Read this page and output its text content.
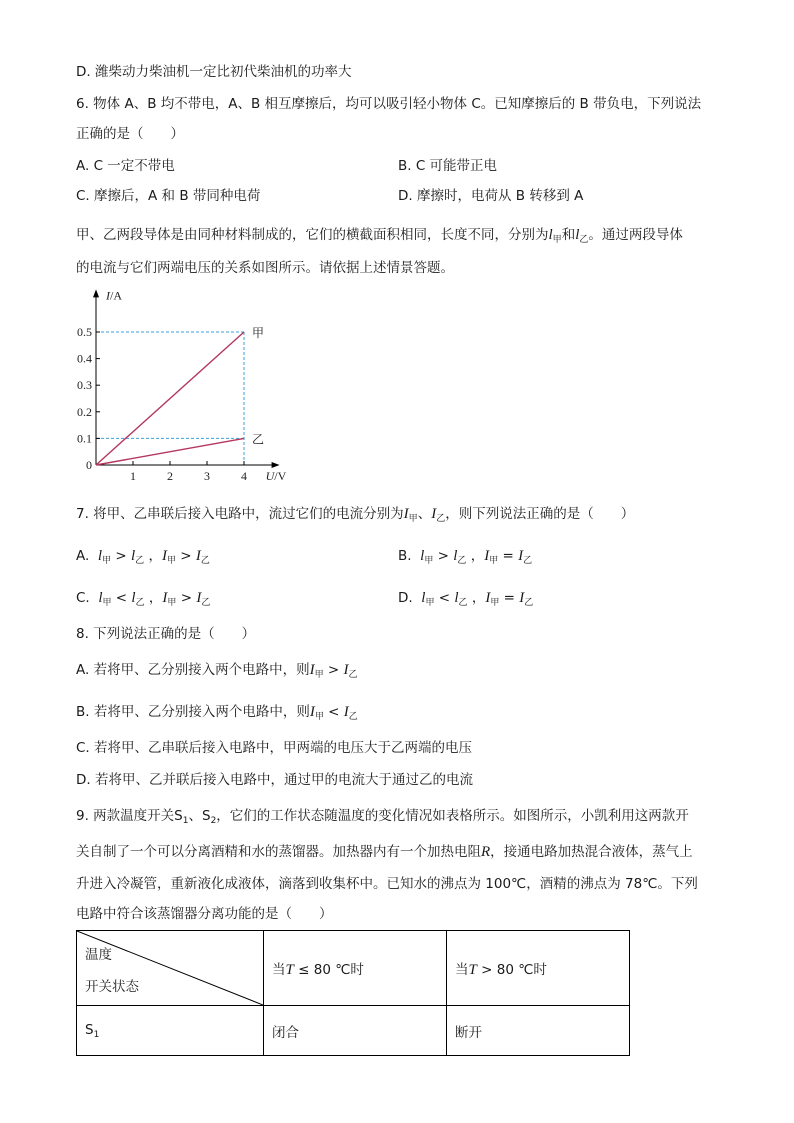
D. 潍柴动力柴油机一定比初代柴油机的功率大
6. 物体 A、B 均不带电，A、B 相互摩擦后，均可以吸引轻小物体 C。已知摩擦后的 B 带负电，下列说法
正确的是（　　）
A. C 一定不带电	B. C 可能带正电
C. 摩擦后，A 和 B 带同种电荷	D. 摩擦时，电荷从 B 转移到 A
甲、乙两段导体是由同种材料制成的，它们的横截面积相同，长度不同，分别为$l_甲$和$l_乙$。通过两段导体
的电流与它们两端电压的关系如图所示。请依据上述情景答题。
1	2	3	4
0.1
0.2
0.3
0.4
0.5
0
U/V
I/A
甲
乙
7. 将甲、乙串联后接入电路中，流过它们的电流分别为$I_甲$、$I_乙$，则下列说法正确的是（　　）
A. $l_甲 > l_乙$ ，$I_甲 > I_乙$	B. $l_甲 > l_乙$ ，$I_甲 = I_乙$
C. $l_甲 < l_乙$ ，$I_甲 > I_乙$	D. $l_甲 < l_乙$ ，$I_甲 = I_乙$
8. 下列说法正确的是（　　）
A. 若将甲、乙分别接入两个电路中，则$I_甲 > I_乙$
B. 若将甲、乙分别接入两个电路中，则$I_甲 < I_乙$
C. 若将甲、乙串联后接入电路中，甲两端的电压大于乙两端的电压
D. 若将甲、乙并联后接入电路中，通过甲的电流大于通过乙的电流
9. 两款温度开关$S_1$、$S_2$，它们的工作状态随温度的变化情况如表格所示。如图所示，小凯利用这两款开
关自制了一个可以分离酒精和水的蒸馏器。加热器内有一个加热电阻R，接通电路加热混合液体，蒸气上
升进入冷凝管，重新液化成液体，滴落到收集杯中。已知水的沸点为 100℃，酒精的沸点为 78℃。下列
电路中符合该蒸馏器分离功能的是（　　）
温度
开关状态	当T ≤ 80 ℃时	当T > 80 ℃时
$S_1$	闭合	断开
